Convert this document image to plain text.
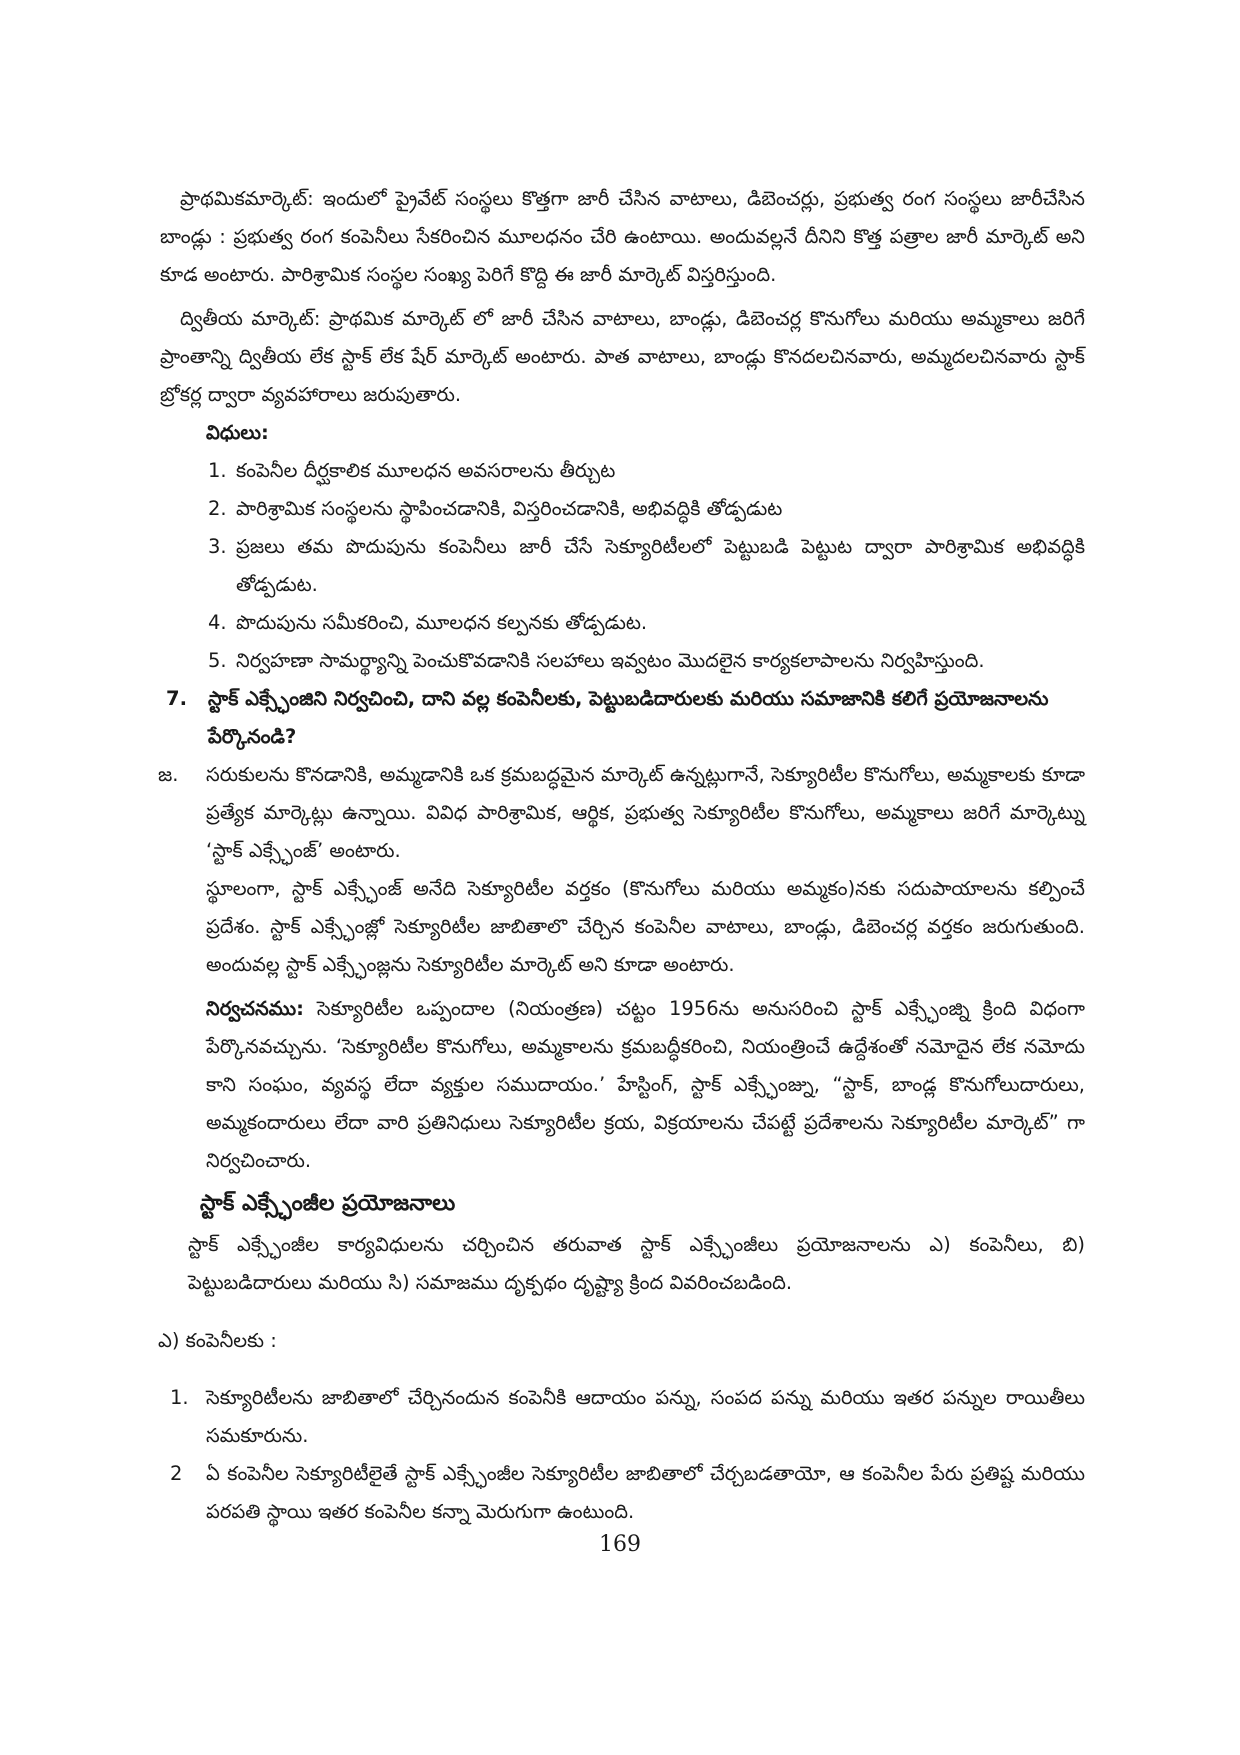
ప్రాథమికమార్కెట్: ఇందులో ప్రైవేట్ సంస్థలు కొత్తగా జారీ చేసిన వాటాలు, డిబెంచర్లు, ప్రభుత్వ రంగ సంస్థలు జారీచేసిన బాండ్లు : ప్రభుత్వ రంగ కంపెనీలు సేకరించిన మూలధనం చేరి ఉంటాయి. అందువల్లనే దీనిని కొత్త పత్రాల జారీ మార్కెట్ అని కూడ అంటారు. పారిశ్రామిక సంస్థల సంఖ్య పెరిగే కొద్ది ఈ జారీ మార్కెట్ విస్తరిస్తుంది.

ద్వితీయ మార్కెట్: ప్రాథమిక మార్కెట్ లో జారీ చేసిన వాటాలు, బాండ్లు, డిబెంచర్ల కొనుగోలు మరియు అమ్మకాలు జరిగే ప్రాంతాన్ని ద్వితీయ లేక స్టాక్ లేక షేర్ మార్కెట్ అంటారు. పాత వాటాలు, బాండ్లు కొనదలచినవారు, అమ్మదలచినవారు స్టాక్ బ్రోకర్ల ద్వారా వ్యవహారాలు జరుపుతారు.

విధులు:

1. కంపెనీల దీర్ఘకాలిక మూలధన అవసరాలను తీర్చుట
2. పారిశ్రామిక సంస్థలను స్థాపించడానికి, విస్తరించడానికి, అభివద్ధికి తోడ్పడుట
3. ప్రజలు తమ పొదుపును కంపెనీలు జారీ చేసే సెక్యూరిటీలలో పెట్టుబడి పెట్టుట ద్వారా పారిశ్రామిక అభివద్ధికి తోడ్పడుట.
4. పొదుపును సమీకరించి, మూలధన కల్పనకు తోడ్పడుట.
5. నిర్వహణా సామర్థ్యాన్ని పెంచుకొవడానికి సలహాలు ఇవ్వటం మొదలైన కార్యకలాపాలను నిర్వహిస్తుంది.
7.	స్టాక్ ఎక్స్ఛేంజిని నిర్వచించి, దాని వల్ల కంపెనీలకు, పెట్టుబడిదారులకు మరియు సమాజానికి కలిగే ప్రయోజనాలను పేర్కొనండి?
జ.	సరుకులను కొనడానికి, అమ్మడానికి ఒక క్రమబద్ధమైన మార్కెట్ ఉన్నట్లుగానే, సెక్యూరిటీల కొనుగోలు, అమ్మకాలకు కూడా ప్రత్యేక మార్కెట్లు ఉన్నాయి. వివిధ పారిశ్రామిక, ఆర్థిక, ప్రభుత్వ సెక్యూరిటీల కొనుగోలు, అమ్మకాలు జరిగే మార్కెట్ను ‘స్టాక్ ఎక్స్ఛేంజ్’ అంటారు.

స్థూలంగా, స్టాక్ ఎక్స్ఛేంజ్ అనేది సెక్యూరిటీల వర్తకం (కొనుగోలు మరియు అమ్మకం)నకు సదుపాయాలను కల్పించే ప్రదేశం. స్టాక్ ఎక్స్ఛేంజ్లో సెక్యూరిటీల జాబితాలొ చేర్చిన కంపెనీల వాటాలు, బాండ్లు, డిబెంచర్ల వర్తకం జరుగుతుంది. అందువల్ల స్టాక్ ఎక్స్ఛేంజ్లను సెక్యూరిటీల మార్కెట్ అని కూడా అంటారు.

నిర్వచనము: సెక్యూరిటీల ఒప్పందాల (నియంత్రణ) చట్టం 1956ను అనుసరించి స్టాక్ ఎక్స్ఛేంజ్ని క్రింది విధంగా పేర్కొనవచ్చును. ‘సెక్యూరిటీల కొనుగోలు, అమ్మకాలను క్రమబద్ధీకరించి, నియంత్రించే ఉద్దేశంతో నమోదైన లేక నమోదు కాని సంఘం, వ్యవస్థ లేదా వ్యక్తుల సముదాయం.’ హేస్టింగ్, స్టాక్ ఎక్స్ఛేంజ్ను, “స్టాక్, బాండ్ల కొనుగోలుదారులు, అమ్మకందారులు లేదా వారి ప్రతినిధులు సెక్యూరిటీల క్రయ, విక్రయాలను చేపట్టే ప్రదేశాలను సెక్యూరిటీల మార్కెట్” గా నిర్వచించారు.

స్టాక్ ఎక్స్ఛేంజీల ప్రయోజనాలు

స్టాక్ ఎక్స్ఛేంజీల కార్యవిధులను చర్చించిన తరువాత స్టాక్ ఎక్స్ఛేంజీలు ప్రయోజనాలను ఎ) కంపెనీలు, బి) పెట్టుబడిదారులు మరియు సి) సమాజము దృక్పథం దృష్ట్యా క్రింద వివరించబడింది.

ఎ) కంపెనీలకు :

1. సెక్యూరిటీలను జాబితాలో చేర్చినందున కంపెనీకి ఆదాయం పన్ను, సంపద పన్ను మరియు ఇతర పన్నుల రాయితీలు సమకూరును.
2	ఏ కంపెనీల సెక్యూరిటీలైతే స్టాక్ ఎక్స్ఛేంజీల సెక్యూరిటీల జాబితాలో చేర్చబడతాయో, ఆ కంపెనీల పేరు ప్రతిష్ట మరియు పరపతి స్థాయి ఇతర కంపెనీల కన్నా మెరుగుగా ఉంటుంది.
169
